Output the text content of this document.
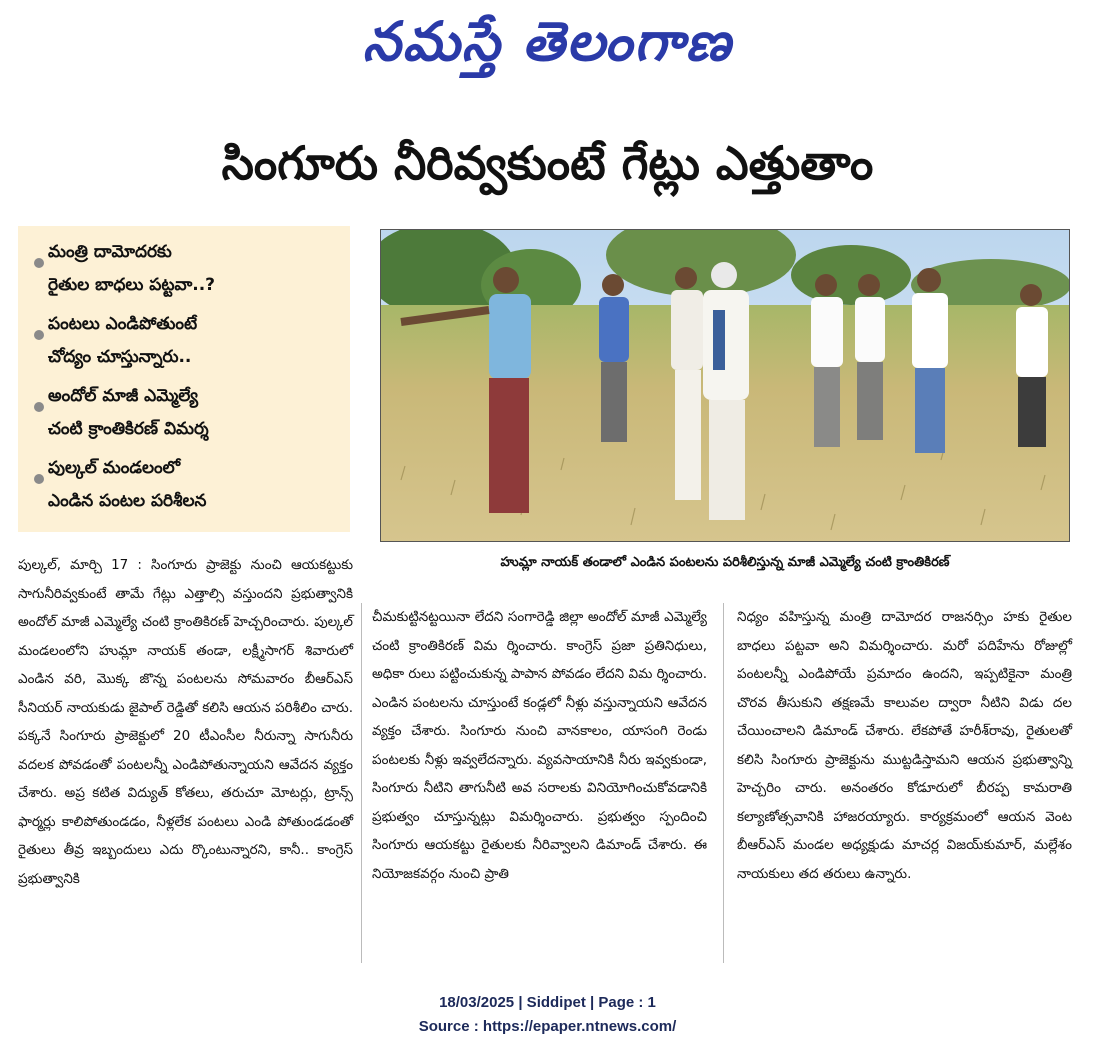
నమస్తే తెలంగాణ
సింగూరు నీరివ్వకుంటే గేట్లు ఎత్తుతాం
మంత్రి దామోదరకు
రైతుల బాధలు పట్టవా..?
పంటలు ఎండిపోతుంటే
చోద్యం చూస్తున్నారు..
అందోల్ మాజీ ఎమ్మెల్యే
చంటి క్రాంతికిరణ్ విమర్శ
పుల్కల్ మండలంలో
ఎండిన పంటల పరిశీలన
హుమ్లా నాయక్ తండాలో ఎండిన పంటలను పరిశీలిస్తున్న మాజీ ఎమ్మెల్యే చంటి క్రాంతికిరణ్

పుల్కల్, మార్చి 17 : సింగూరు ప్రాజెక్టు నుంచి ఆయకట్టుకు సాగునీరివ్వకుంటే తామే గేట్లు ఎత్తాల్సి వస్తుందని ప్రభుత్వానికి అందోల్ మాజీ ఎమ్మెల్యే చంటి క్రాంతికిరణ్ హెచ్చరించారు. పుల్కల్ మండలంలోని హుమ్లా నాయక్ తండా, లక్ష్మీసాగర్ శివారులో ఎండిన వరి, మొక్క జొన్న పంటలను సోమవారం బీఆర్ఎస్ సీనియర్ నాయకుడు జైపాల్ రెడ్డితో కలిసి ఆయన పరిశీలిం చారు. పక్కనే సింగూరు ప్రాజెక్టులో 20 టీఎంసీల నీరున్నా సాగునీరు వదలక పోవడంతో పంటలన్నీ ఎండిపోతున్నాయని ఆవేదన వ్యక్తం చేశారు. అప్ర కటిత విద్యుత్ కోతలు, తరుచూ మోటర్లు, ట్రాన్స్ ఫార్మర్లు కాలిపోతుండడం, నీళ్లలేక పంటలు ఎండి పోతుండడంతో రైతులు తీవ్ర ఇబ్బందులు ఎదు ర్కొంటున్నారని, కానీ.. కాంగ్రెస్ ప్రభుత్వానికి

చీమకుట్టినట్టయినా లేదని సంగారెడ్డి జిల్లా అందోల్ మాజీ ఎమ్మెల్యే చంటి క్రాంతికిరణ్ విమ ర్శించారు. కాంగ్రెస్ ప్రజా ప్రతినిధులు, అధికా రులు పట్టించుకున్న పాపాన పోవడం లేదని విమ ర్శించారు. ఎండిన పంటలను చూస్తుంటే కండ్లలో నీళ్లు వస్తున్నాయని ఆవేదన వ్యక్తం చేశారు. సింగూరు నుంచి వానకాలం, యాసంగి రెండు పంటలకు నీళ్లు ఇవ్వలేదన్నారు. వ్యవసాయానికి నీరు ఇవ్వకుండా, సింగూరు నీటిని తాగునీటి అవ సరాలకు వినియోగించుకోవడానికి ప్రభుత్వం చూస్తున్నట్లు విమర్శించారు. ప్రభుత్వం స్పందించి సింగూరు ఆయకట్టు రైతులకు నీరివ్వాలని డిమాండ్ చేశారు. ఈ నియోజకవర్గం నుంచి ప్రాతి

నిధ్యం వహిస్తున్న మంత్రి దామోదర రాజనర్సిం హకు రైతుల బాధలు పట్టవా అని విమర్శించారు. మరో పదిహేను రోజుల్లో పంటలన్నీ ఎండిపోయే ప్రమాదం ఉందని, ఇప్పటికైనా మంత్రి చొరవ తీసుకుని తక్షణమే కాలువల ద్వారా నీటిని విడు దల చేయించాలని డిమాండ్ చేశారు. లేకపోతే హరీశ్‌రావు, రైతులతో కలిసి సింగూరు ప్రాజెక్టును ముట్టడిస్తామని ఆయన ప్రభుత్వాన్ని హెచ్చరిం చారు. అనంతరం కోడూరులో బీరప్ప కామరాతి కల్యాణోత్సవానికి హాజరయ్యారు. కార్యక్రమంలో ఆయన వెంట బీఆర్ఎస్ మండల అధ్యక్షుడు మాచర్ల విజయ్‌కుమార్, మల్లేశం నాయకులు తద తరులు ఉన్నారు.

18/03/2025 | Siddipet | Page : 1
Source : https://epaper.ntnews.com/
